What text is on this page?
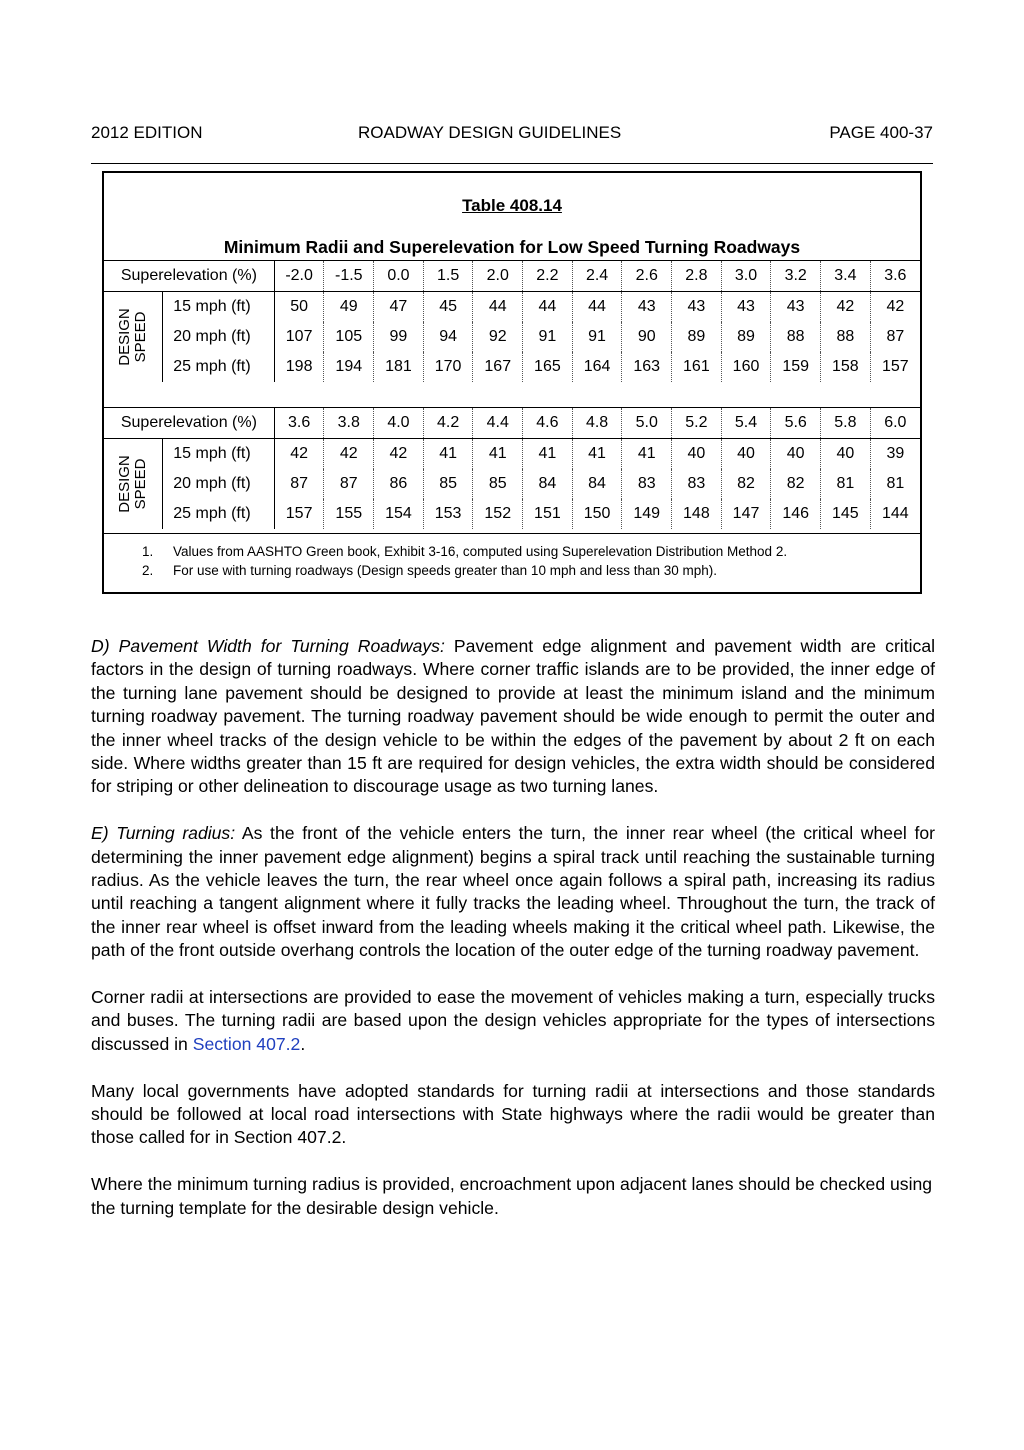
2012 EDITION	ROADWAY DESIGN GUIDELINES	PAGE 400-37
Table 408.14
Minimum Radii and Superelevation for Low Speed Turning Roadways
Superelevation (%)		-2.0	-1.5	0.0	1.5	2.0	2.2	2.4	2.6	2.8	3.0	3.2	3.4	3.6

DESIGN
SPEED	15 mph (ft)	50	49	47	45	44	44	44	43	43	43	43	42	42
	20 mph (ft)	107	105	99	94	92	91	91	90	89	89	88	88	87
	25 mph (ft)	198	194	181	170	167	165	164	163	161	160	159	158	157
Superelevation (%)		3.6	3.8	4.0	4.2	4.4	4.6	4.8	5.0	5.2	5.4	5.6	5.8	6.0

DESIGN
SPEED	15 mph (ft)	42	42	42	41	41	41	41	41	40	40	40	40	39
	20 mph (ft)	87	87	86	85	85	84	84	83	83	82	82	81	81
	25 mph (ft)	157	155	154	153	152	151	150	149	148	147	146	145	144
1. Values from AASHTO Green book, Exhibit 3-16, computed using Superelevation Distribution Method 2.
2. For use with turning roadways (Design speeds greater than 10 mph and less than 30 mph).

D) Pavement Width for Turning Roadways: Pavement edge alignment and pavement width are critical factors in the design of turning roadways. Where corner traffic islands are to be provided, the inner edge of the turning lane pavement should be designed to provide at least the minimum island and the minimum turning roadway pavement. The turning roadway pavement should be wide enough to permit the outer and the inner wheel tracks of the design vehicle to be within the edges of the pavement by about 2 ft on each side. Where widths greater than 15 ft are required for design vehicles, the extra width should be considered for striping or other delineation to discourage usage as two turning lanes.

E) Turning radius: As the front of the vehicle enters the turn, the inner rear wheel (the critical wheel for determining the inner pavement edge alignment) begins a spiral track until reaching the sustainable turning radius. As the vehicle leaves the turn, the rear wheel once again follows a spiral path, increasing its radius until reaching a tangent alignment where it fully tracks the leading wheel. Throughout the turn, the track of the inner rear wheel is offset inward from the leading wheels making it the critical wheel path. Likewise, the path of the front outside overhang controls the location of the outer edge of the turning roadway pavement.

Corner radii at intersections are provided to ease the movement of vehicles making a turn, especially trucks and buses. The turning radii are based upon the design vehicles appropriate for the types of intersections discussed in Section 407.2.

Many local governments have adopted standards for turning radii at intersections and those standards should be followed at local road intersections with State highways where the radii would be greater than those called for in Section 407.2.

Where the minimum turning radius is provided, encroachment upon adjacent lanes should be checked using the turning template for the desirable design vehicle.
